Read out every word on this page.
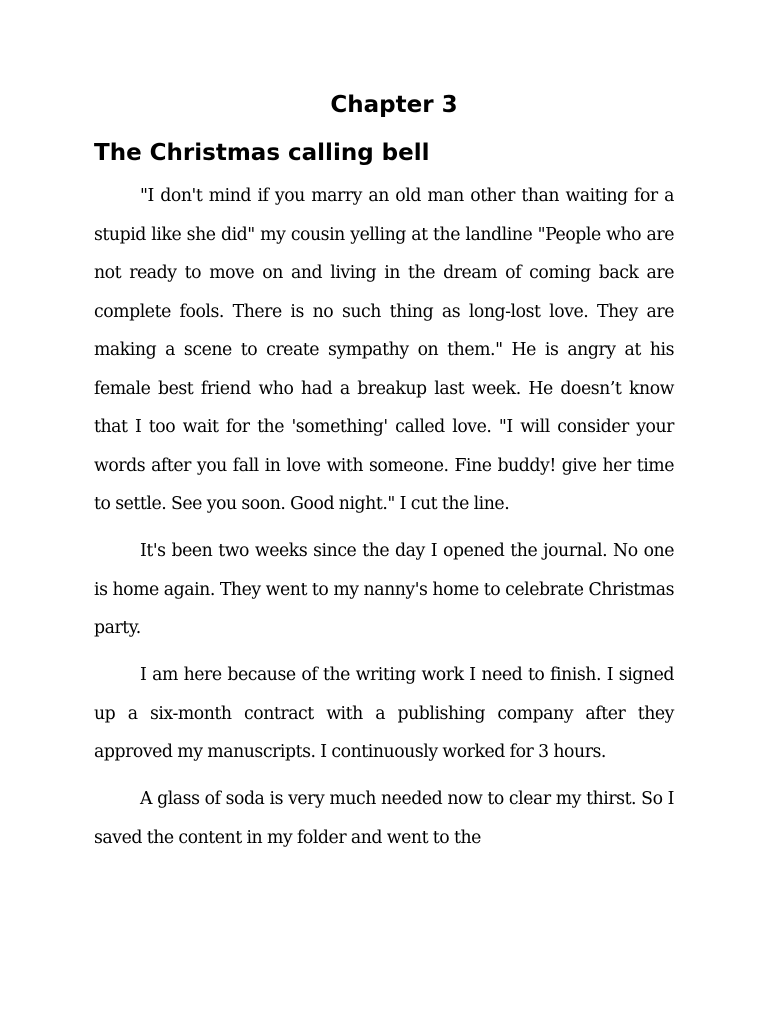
Chapter 3
The Christmas calling bell

"I don't mind if you marry an old man other than waiting for a stupid like she did" my cousin yelling at the landline "People who are not ready to move on and living in the dream of coming back are complete fools. There is no such thing as long-lost love. They are making a scene to create sympathy on them." He is angry at his female best friend who had a breakup last week. He doesn’t know that I too wait for the 'something' called love. "I will consider your words after you fall in love with someone. Fine buddy! give her time to settle. See you soon. Good night." I cut the line.

It's been two weeks since the day I opened the journal. No one is home again. They went to my nanny's home to celebrate Christmas party.

I am here because of the writing work I need to finish. I signed up a six-month contract with a publishing company after they approved my manuscripts. I continuously worked for 3 hours.

A glass of soda is very much needed now to clear my thirst. So I saved the content in my folder and went to the
